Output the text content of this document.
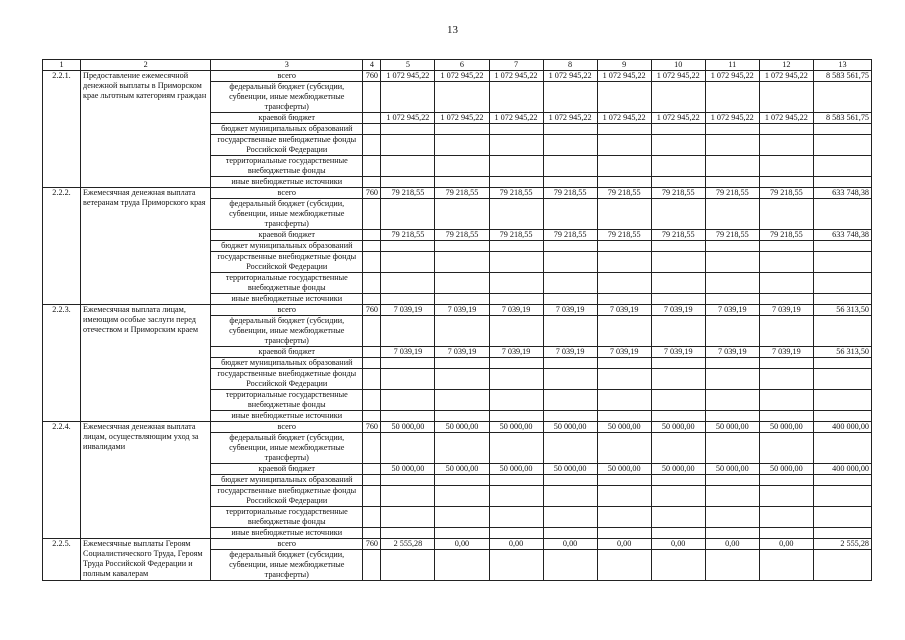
13
1	2	3	4	5	6	7	8	9	10	11	12	13
2.2.1.	Предоставление ежемесячной денежной выплаты в Приморском крае льготным категориям граждан	всего	760	1 072 945,22	1 072 945,22	1 072 945,22	1 072 945,22	1 072 945,22	1 072 945,22	1 072 945,22	1 072 945,22	8 583 561,75
		федеральный бюджет (субсидии, субвенции, иные межбюджетные трансферты)										
		краевой бюджет		1 072 945,22	1 072 945,22	1 072 945,22	1 072 945,22	1 072 945,22	1 072 945,22	1 072 945,22	1 072 945,22	8 583 561,75
		бюджет муниципальных образований										
		государственные внебюджетные фонды Российской Федерации										
		территориальные государственные внебюджетные фонды										
		иные внебюджетные источники										
2.2.2.	Ежемесячная денежная выплата ветеранам труда Приморского края	всего	760	79 218,55	79 218,55	79 218,55	79 218,55	79 218,55	79 218,55	79 218,55	79 218,55	633 748,38
		федеральный бюджет (субсидии, субвенции, иные межбюджетные трансферты)										
		краевой бюджет		79 218,55	79 218,55	79 218,55	79 218,55	79 218,55	79 218,55	79 218,55	79 218,55	633 748,38
		бюджет муниципальных образований										
		государственные внебюджетные фонды Российской Федерации										
		территориальные государственные внебюджетные фонды										
		иные внебюджетные источники										
2.2.3.	Ежемесячная выплата лицам, имеющим особые заслуги перед отечеством и Приморским краем	всего	760	7 039,19	7 039,19	7 039,19	7 039,19	7 039,19	7 039,19	7 039,19	7 039,19	56 313,50
		федеральный бюджет (субсидии, субвенции, иные межбюджетные трансферты)										
		краевой бюджет		7 039,19	7 039,19	7 039,19	7 039,19	7 039,19	7 039,19	7 039,19	7 039,19	56 313,50
		бюджет муниципальных образований										
		государственные внебюджетные фонды Российской Федерации										
		территориальные государственные внебюджетные фонды										
		иные внебюджетные источники										
2.2.4.	Ежемесячная денежная выплата лицам, осуществляющим уход за инвалидами	всего	760	50 000,00	50 000,00	50 000,00	50 000,00	50 000,00	50 000,00	50 000,00	50 000,00	400 000,00
		федеральный бюджет (субсидии, субвенции, иные межбюджетные трансферты)										
		краевой бюджет		50 000,00	50 000,00	50 000,00	50 000,00	50 000,00	50 000,00	50 000,00	50 000,00	400 000,00
		бюджет муниципальных образований										
		государственные внебюджетные фонды Российской Федерации										
		территориальные государственные внебюджетные фонды										
		иные внебюджетные источники										
2.2.5.	Ежемесячные выплаты Героям Социалистического Труда, Героям Труда Российской Федерации и полным кавалерам	всего	760	2 555,28	0,00	0,00	0,00	0,00	0,00	0,00	0,00	2 555,28
		федеральный бюджет (субсидии, субвенции, иные межбюджетные трансферты)										
